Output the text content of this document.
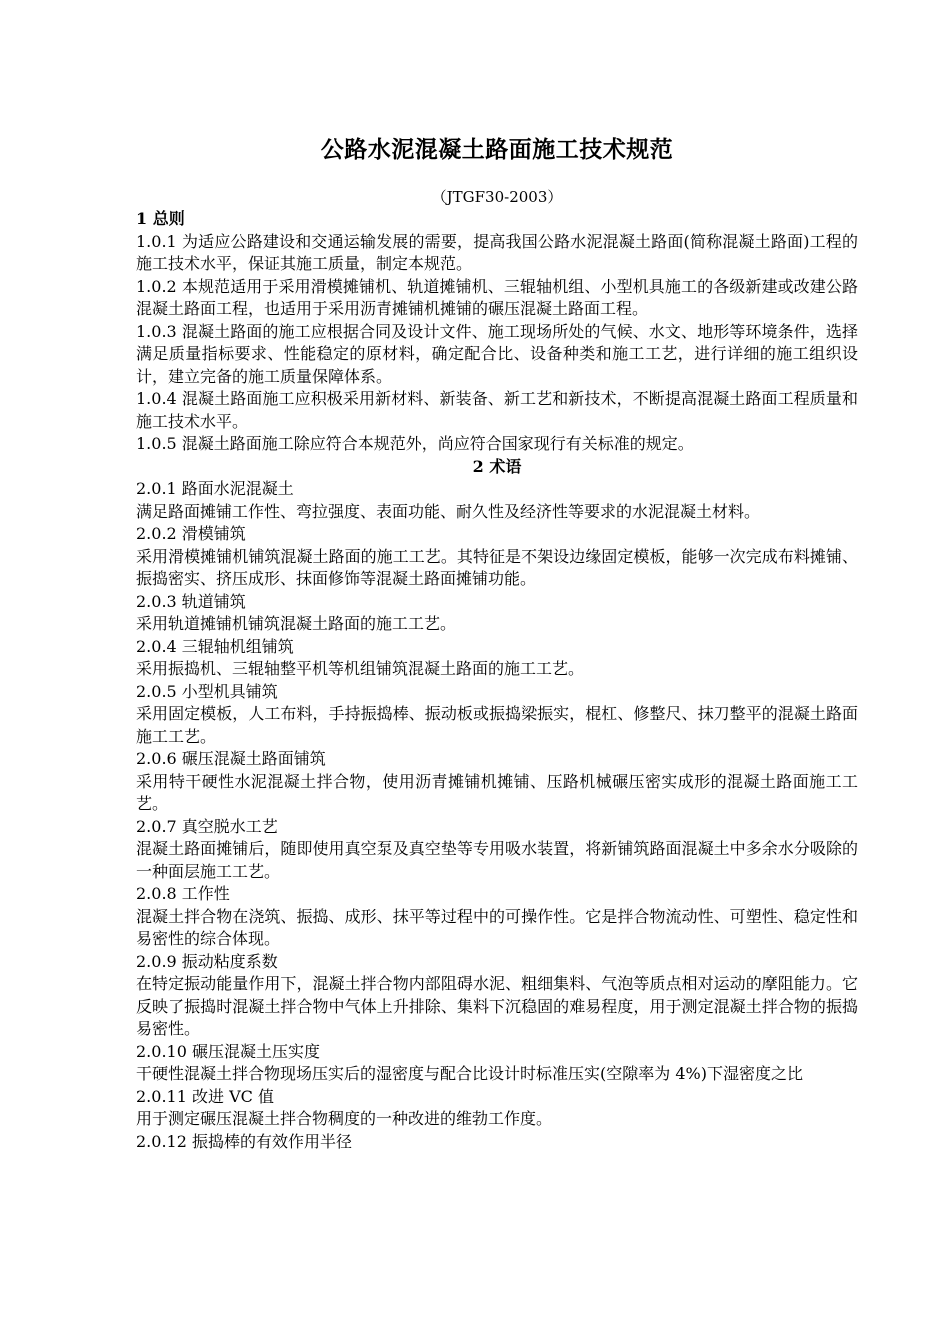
公路水泥混凝土路面施工技术规范
（JTGF30-2003）
1 总则
1.0.1 为适应公路建设和交通运输发展的需要，提高我国公路水泥混凝土路面(简称混凝土路面)工程的施工技术水平，保证其施工质量，制定本规范。
1.0.2 本规范适用于采用滑模摊铺机、轨道摊铺机、三辊轴机组、小型机具施工的各级新建或改建公路混凝土路面工程，也适用于采用沥青摊铺机摊铺的碾压混凝土路面工程。
1.0.3 混凝土路面的施工应根据合同及设计文件、施工现场所处的气候、水文、地形等环境条件，选择满足质量指标要求、性能稳定的原材料，确定配合比、设备种类和施工工艺，进行详细的施工组织设计，建立完备的施工质量保障体系。
1.0.4 混凝土路面施工应积极采用新材料、新装备、新工艺和新技术，不断提高混凝土路面工程质量和施工技术水平。
1.0.5 混凝土路面施工除应符合本规范外，尚应符合国家现行有关标准的规定。
2 术语
2.0.1 路面水泥混凝土
满足路面摊铺工作性、弯拉强度、表面功能、耐久性及经济性等要求的水泥混凝土材料。
2.0.2 滑模铺筑
采用滑模摊铺机铺筑混凝土路面的施工工艺。其特征是不架设边缘固定模板，能够一次完成布料摊铺、振捣密实、挤压成形、抹面修饰等混凝土路面摊铺功能。
2.0.3 轨道铺筑
采用轨道摊铺机铺筑混凝土路面的施工工艺。
2.0.4 三辊轴机组铺筑
采用振捣机、三辊轴整平机等机组铺筑混凝土路面的施工工艺。
2.0.5 小型机具铺筑
采用固定模板，人工布料，手持振捣棒、振动板或振捣梁振实，棍杠、修整尺、抹刀整平的混凝土路面施工工艺。
2.0.6 碾压混凝土路面铺筑
采用特干硬性水泥混凝土拌合物，使用沥青摊铺机摊铺、压路机械碾压密实成形的混凝土路面施工工艺。
2.0.7 真空脱水工艺
混凝土路面摊铺后，随即使用真空泵及真空垫等专用吸水装置，将新铺筑路面混凝土中多余水分吸除的一种面层施工工艺。
2.0.8 工作性
混凝土拌合物在浇筑、振捣、成形、抹平等过程中的可操作性。它是拌合物流动性、可塑性、稳定性和易密性的综合体现。
2.0.9 振动粘度系数
在特定振动能量作用下，混凝土拌合物内部阻碍水泥、粗细集料、气泡等质点相对运动的摩阻能力。它反映了振捣时混凝土拌合物中气体上升排除、集料下沉稳固的难易程度，用于测定混凝土拌合物的振捣易密性。
2.0.10 碾压混凝土压实度
干硬性混凝土拌合物现场压实后的湿密度与配合比设计时标准压实(空隙率为 4%)下湿密度之比
2.0.11 改进 VC 值
用于测定碾压混凝土拌合物稠度的一种改进的维勃工作度。
2.0.12 振捣棒的有效作用半径
